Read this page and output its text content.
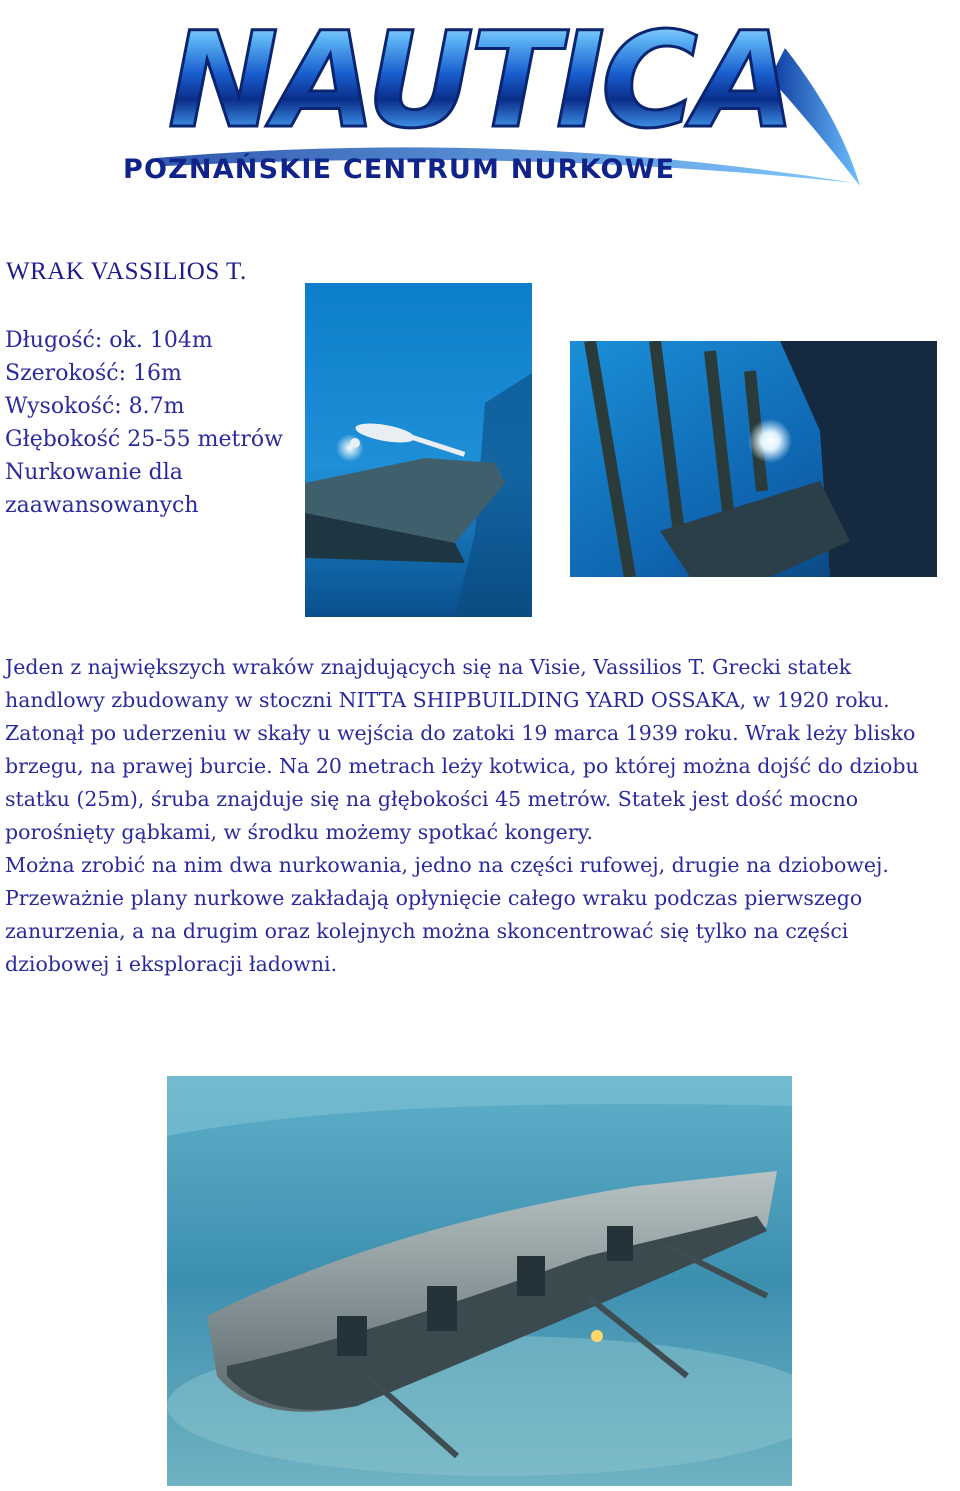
NAUTICA
POZNAŃSKIE CENTRUM NURKOWE
WRAK VASSILIOS T.
Długość: ok. 104m
Szerokość: 16m
Wysokość: 8.7m
Głębokość 25-55 metrów
Nurkowanie dla zaawansowanych

Jeden z największych wraków znajdujących się na Visie, Vassilios T. Grecki statek handlowy zbudowany w stoczni NITTA SHIPBUILDING YARD OSSAKA, w 1920 roku. Zatonął po uderzeniu w skały u wejścia do zatoki 19 marca 1939 roku. Wrak leży blisko brzegu, na prawej burcie. Na 20 metrach leży kotwica, po której można dojść do dziobu statku (25m), śruba znajduje się na głębokości 45 metrów. Statek jest dość mocno porośnięty gąbkami, w środku możemy spotkać kongery.

Można zrobić na nim dwa nurkowania, jedno na części rufowej, drugie na dziobowej. Przeważnie plany nurkowe zakładają opłynięcie całego wraku podczas pierwszego zanurzenia, a na drugim oraz kolejnych można skoncentrować się tylko na części dziobowej i eksploracji ładowni.
